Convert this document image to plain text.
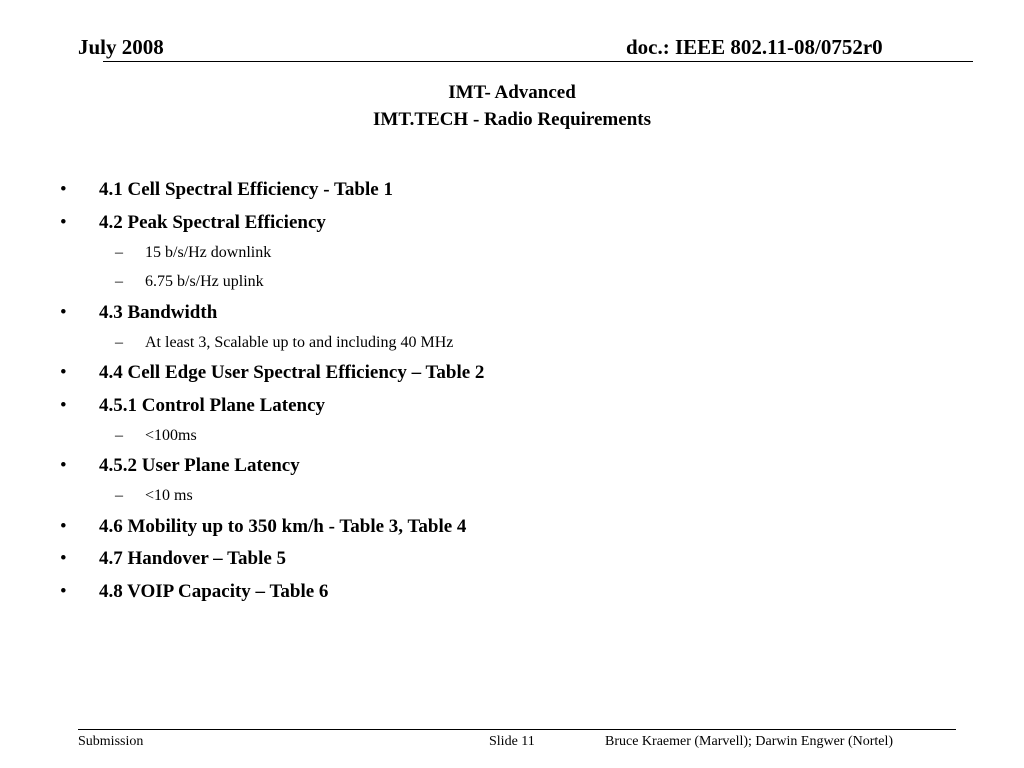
July 2008	doc.: IEEE 802.11-08/0752r0
IMT- Advanced
IMT.TECH - Radio Requirements
• 4.1 Cell Spectral Efficiency - Table 1
• 4.2 Peak Spectral Efficiency
– 15 b/s/Hz downlink
– 6.75 b/s/Hz uplink
• 4.3 Bandwidth
– At least 3, Scalable up to and including 40 MHz
• 4.4 Cell Edge User Spectral Efficiency – Table 2
• 4.5.1 Control Plane Latency
– <100ms
• 4.5.2 User Plane Latency
– <10 ms
• 4.6 Mobility up to 350 km/h - Table 3, Table 4
• 4.7 Handover – Table 5
• 4.8 VOIP Capacity – Table 6
Submission	Slide 11	Bruce Kraemer (Marvell); Darwin Engwer (Nortel)
